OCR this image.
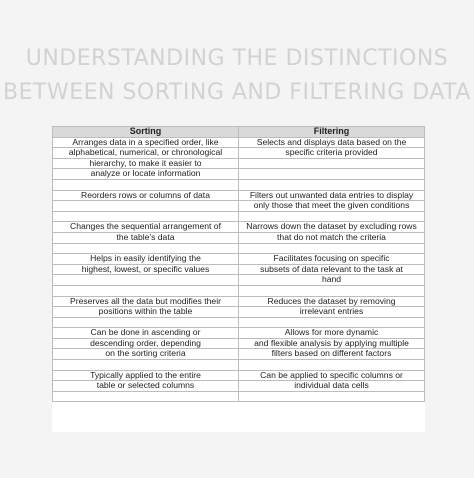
UNDERSTANDING THE DISTINCTIONS
BETWEEN SORTING AND FILTERING DATA
Sorting	Filtering
Arranges data in a specified order, like	Selects and displays data based on the
alphabetical, numerical, or chronological	specific criteria provided
hierarchy, to make it easier to	
analyze or locate information	

Reorders rows or columns of data	Filters out unwanted data entries to display
	only those that meet the given conditions

Changes the sequential arrangement of	Narrows down the dataset by excluding rows
the table's data	that do not match the criteria

Helps in easily identifying the	Facilitates focusing on specific
highest, lowest, or specific values	subsets of data relevant to the task at
	hand

Preserves all the data but modifies their	Reduces the dataset by removing
positions within the table	irrelevant entries

Can be done in ascending or	Allows for more dynamic
descending order, depending	and flexible analysis by applying multiple
on the sorting criteria	filters based on different factors

Typically applied to the entire	Can be applied to specific columns or
table or selected columns	individual data cells
